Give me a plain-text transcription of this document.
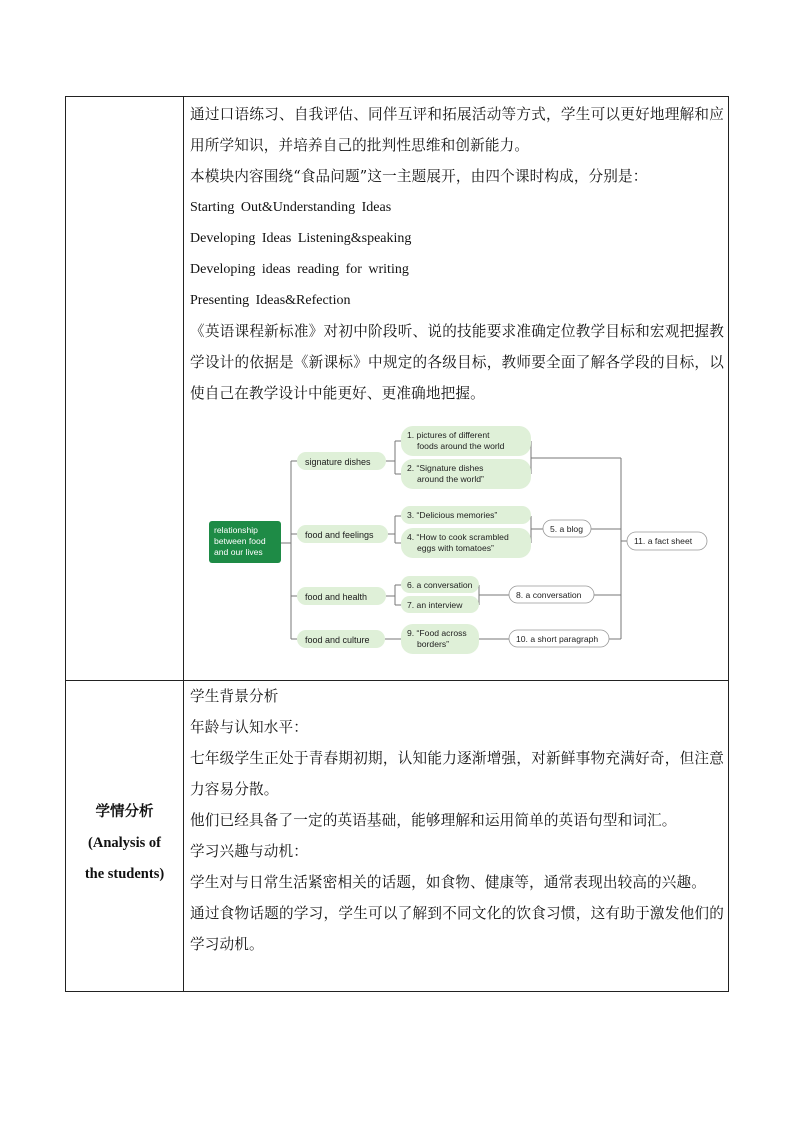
通过口语练习、自我评估、同伴互评和拓展活动等方式，学生可以更好地理解和应用所学知识，并培养自己的批判性思维和创新能力。

本模块内容围绕“食品问题”这一主题展开，由四个课时构成，分别是：

Starting Out&Understanding Ideas

Developing Ideas Listening&speaking

Developing ideas reading for writing

Presenting Ideas&Refection

《英语课程新标准》对初中阶段听、说的技能要求准确定位教学目标和宏观把握教学设计的依据是《新课标》中规定的各级目标，教师要全面了解各学段的目标，以使自己在教学设计中能更好、更准确地把握。

学情分析
(Analysis of
the students)

学生背景分析

年龄与认知水平：

七年级学生正处于青春期初期，认知能力逐渐增强，对新鲜事物充满好奇，但注意力容易分散。

他们已经具备了一定的英语基础，能够理解和运用简单的英语句型和词汇。

学习兴趣与动机：

学生对与日常生活紧密相关的话题，如食物、健康等，通常表现出较高的兴趣。

通过食物话题的学习，学生可以了解到不同文化的饮食习惯，这有助于激发他们的学习动机。

relationship
between food
and our lives
signature dishes
food and feelings
food and health
food and culture
1. pictures of different
foods around the world
2. “Signature dishes
around the world”
3. “Delicious memories”
4. “How to cook scrambled
eggs with tomatoes”
5. a blog
6. a conversation
7. an interview
8. a conversation
9. “Food across
borders”	10. a short paragraph
11. a fact sheet
